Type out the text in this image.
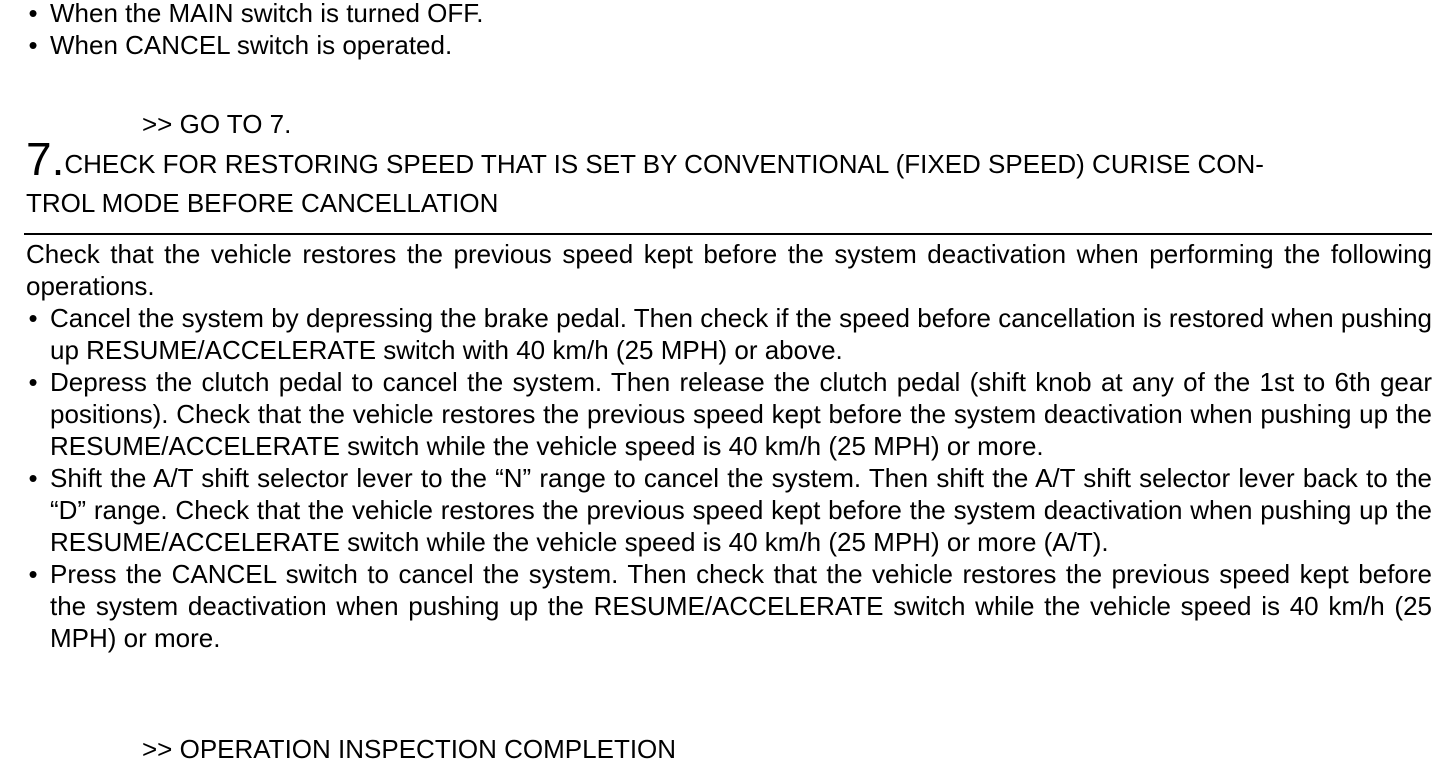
• When the MAIN switch is turned OFF.
• When CANCEL switch is operated.
>> GO TO 7.
7.CHECK FOR RESTORING SPEED THAT IS SET BY CONVENTIONAL (FIXED SPEED) CURISE CON-
TROL MODE BEFORE CANCELLATION

Check that the vehicle restores the previous speed kept before the system deactivation when performing the following operations.

• Cancel the system by depressing the brake pedal. Then check if the speed before cancellation is restored when pushing up RESUME/ACCELERATE switch with 40 km/h (25 MPH) or above.

• Depress the clutch pedal to cancel the system. Then release the clutch pedal (shift knob at any of the 1st to 6th gear positions). Check that the vehicle restores the previous speed kept before the system deactivation when pushing up the RESUME/ACCELERATE switch while the vehicle speed is 40 km/h (25 MPH) or more.

• Shift the A/T shift selector lever to the “N” range to cancel the system. Then shift the A/T shift selector lever back to the “D” range. Check that the vehicle restores the previous speed kept before the system deactivation when pushing up the RESUME/ACCELERATE switch while the vehicle speed is 40 km/h (25 MPH) or more (A/T).

• Press the CANCEL switch to cancel the system. Then check that the vehicle restores the previous speed kept before the system deactivation when pushing up the RESUME/ACCELERATE switch while the vehicle speed is 40 km/h (25 MPH) or more.

>> OPERATION INSPECTION COMPLETION
